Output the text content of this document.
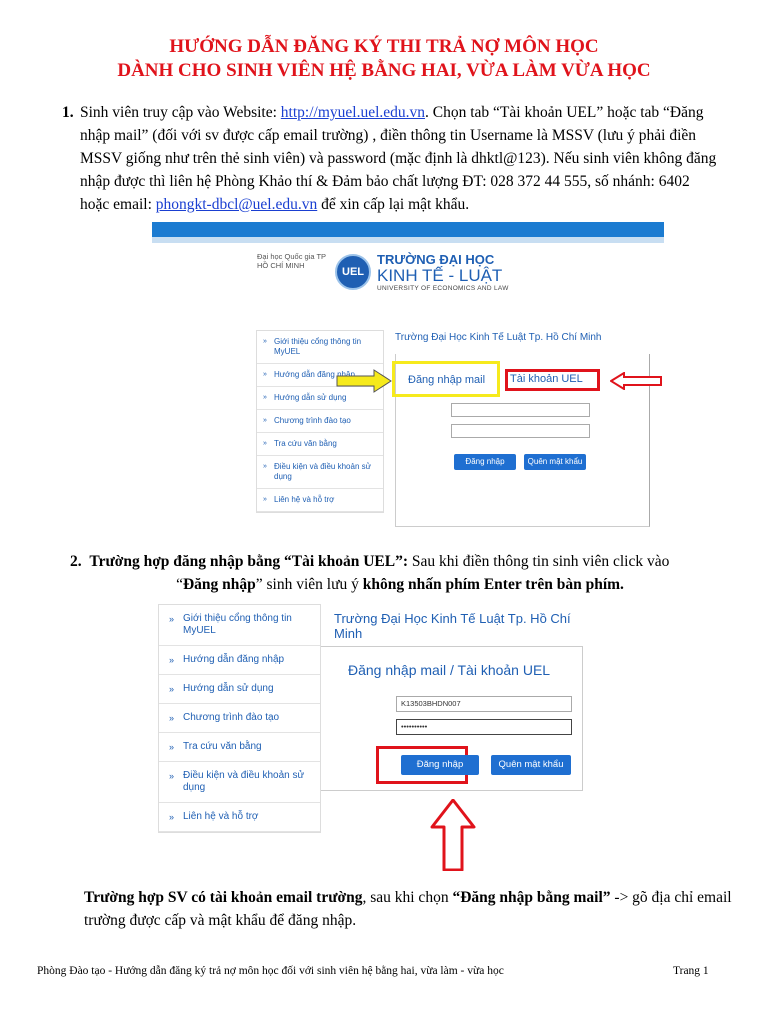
HƯỚNG DẪN ĐĂNG KÝ THI TRẢ NỢ MÔN HỌC
DÀNH CHO SINH VIÊN HỆ BẰNG HAI, VỪA LÀM VỪA HỌC
1. Sinh viên truy cập vào Website: http://myuel.uel.edu.vn. Chọn tab “Tài khoản UEL” hoặc tab “Đăng nhập mail” (đối với sv được cấp email trường) , điền thông tin Username là MSSV (lưu ý phải điền MSSV giống như trên thẻ sinh viên) và password (mặc định là dhktl@123). Nếu sinh viên không đăng nhập được thì liên hệ Phòng Khảo thí & Đảm bảo chất lượng ĐT: 028 372 44 555, số nhánh: 6402 hoặc email: phongkt-dbcl@uel.edu.vn để xin cấp lại mật khẩu.
Đại học Quốc gia TP HỒ CHÍ MINH
UEL
TRƯỜNG ĐẠI HỌC
KINH TẾ - LUẬT
UNIVERSITY OF ECONOMICS AND LAW
» Giới thiệu cổng thông tin MyUEL
» Hướng dẫn đăng nhập
» Hướng dẫn sử dụng
» Chương trình đào tạo
» Tra cứu văn bằng
» Điều kiện và điều khoản sử dụng
» Liên hệ và hỗ trợ
Trường Đại Học Kinh Tế Luật Tp. Hồ Chí Minh
Đăng nhập mail Tài khoản UEL
Đăng nhập	Quên mật khẩu
2. Trường hợp đăng nhập bằng “Tài khoản UEL”: Sau khi điền thông tin sinh viên click vào
“Đăng nhập” sinh viên lưu ý không nhấn phím Enter trên bàn phím.
» Giới thiệu cổng thông tin MyUEL
» Hướng dẫn đăng nhập
» Hướng dẫn sử dụng
» Chương trình đào tạo
» Tra cứu văn bằng
» Điều kiện và điều khoản sử dụng
» Liên hệ và hỗ trợ
Trường Đại Học Kinh Tế Luật Tp. Hồ Chí Minh
Đăng nhập mail / Tài khoản UEL
K13503BHDN007
••••••••••
Đăng nhập	Quên mật khẩu
Trường hợp SV có tài khoản email trường, sau khi chọn “Đăng nhập bằng mail” -> gõ địa chỉ email trường được cấp và mật khẩu để đăng nhập.
Phòng Đào tạo - Hướng dẫn đăng ký trả nợ môn học đối với sinh viên hệ bằng hai, vừa làm - vừa học	Trang 1
